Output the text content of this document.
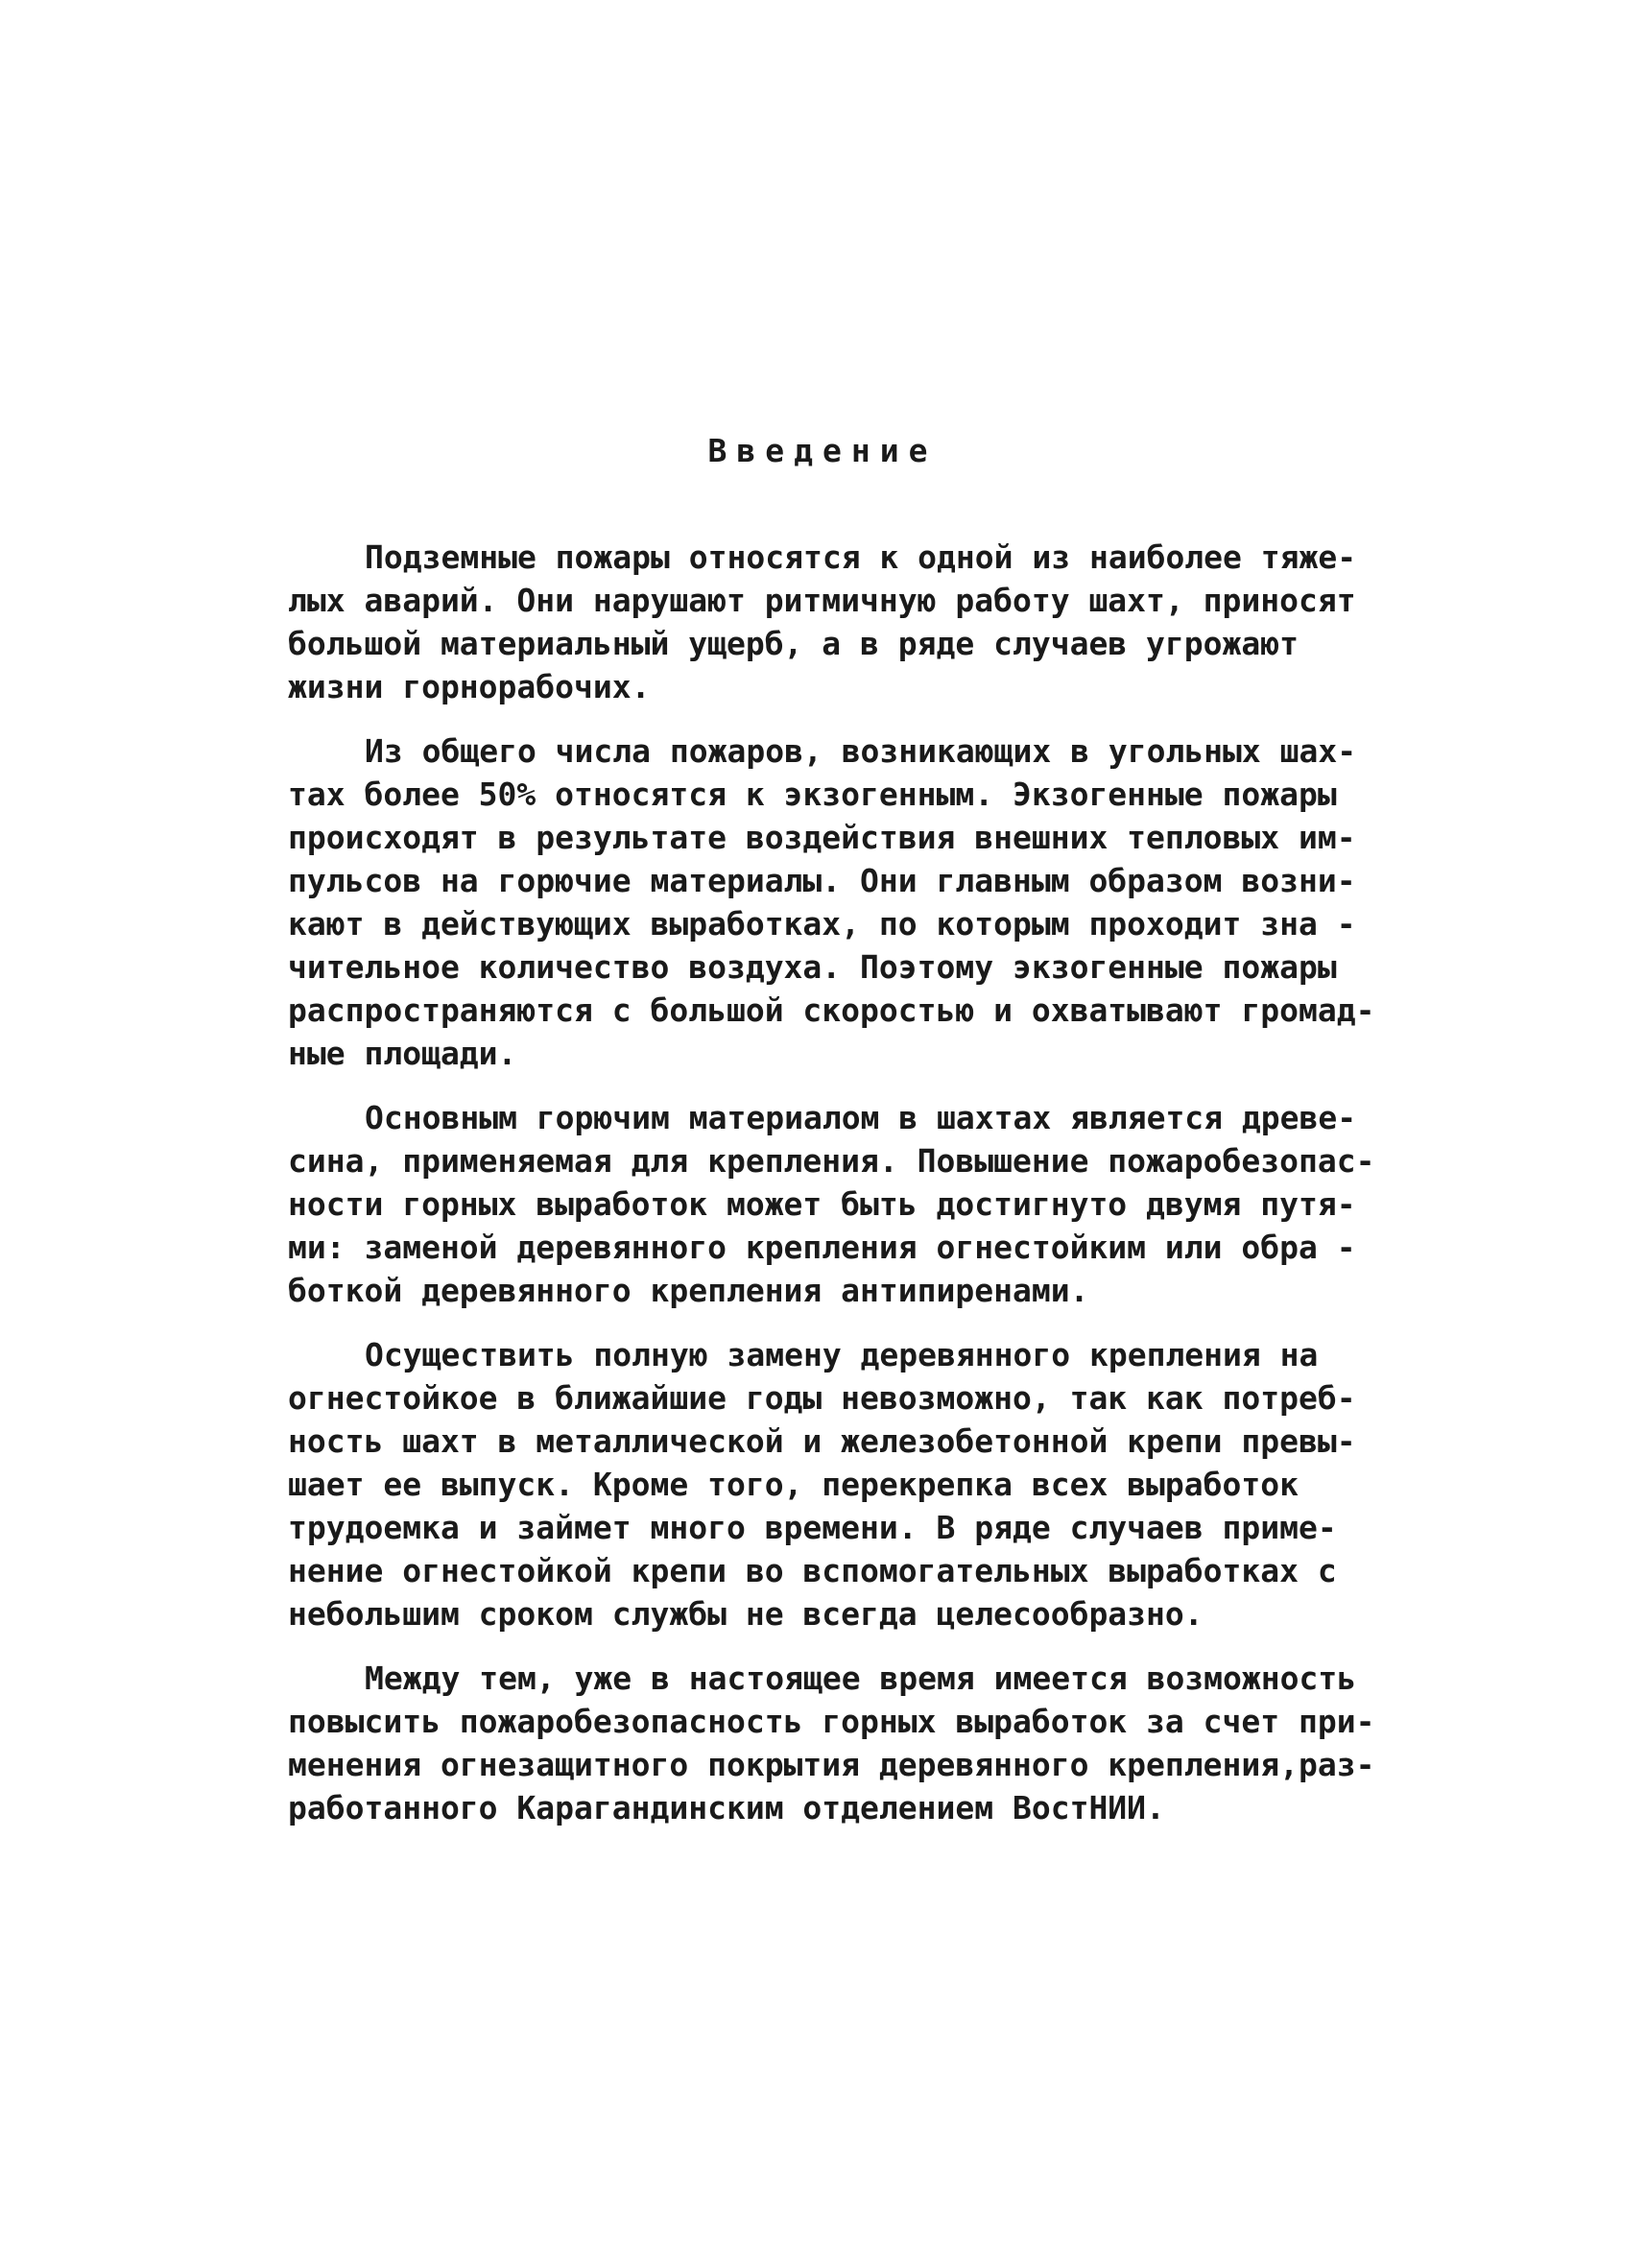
Введение
Подземные пожары относятся к одной из наиболее тяже-
лых аварий. Они нарушают ритмичную работу шахт, приносят
большой материальный ущерб, а в ряде случаев угрожают
жизни горнорабочих.
Из общего числа пожаров, возникающих в угольных шах-
тах более 50% относятся к экзогенным. Экзогенные пожары
происходят в результате воздействия внешних тепловых им-
пульсов на горючие материалы. Они главным образом возни-
кают в действующих выработках, по которым проходит зна -
чительное количество воздуха. Поэтому экзогенные пожары
распространяются с большой скоростью и охватывают громад-
ные площади.
Основным горючим материалом в шахтах является древе-
сина, применяемая для крепления. Повышение пожаробезопас-
ности горных выработок может быть достигнуто двумя путя-
ми: заменой деревянного крепления огнестойким или обра -
боткой деревянного крепления антипиренами.
Осуществить полную замену деревянного крепления на
огнестойкое в ближайшие годы невозможно, так как потреб-
ность шахт в металлической и железобетонной крепи превы-
шает ее выпуск. Кроме того, перекрепка всех выработок
трудоемка и займет много времени. В ряде случаев приме-
нение огнестойкой крепи во вспомогательных выработках с
небольшим сроком службы не всегда целесообразно.
Между тем, уже в настоящее время имеется возможность
повысить пожаробезопасность горных выработок за счет при-
менения огнезащитного покрытия деревянного крепления,раз-
работанного Карагандинским отделением ВостНИИ.
